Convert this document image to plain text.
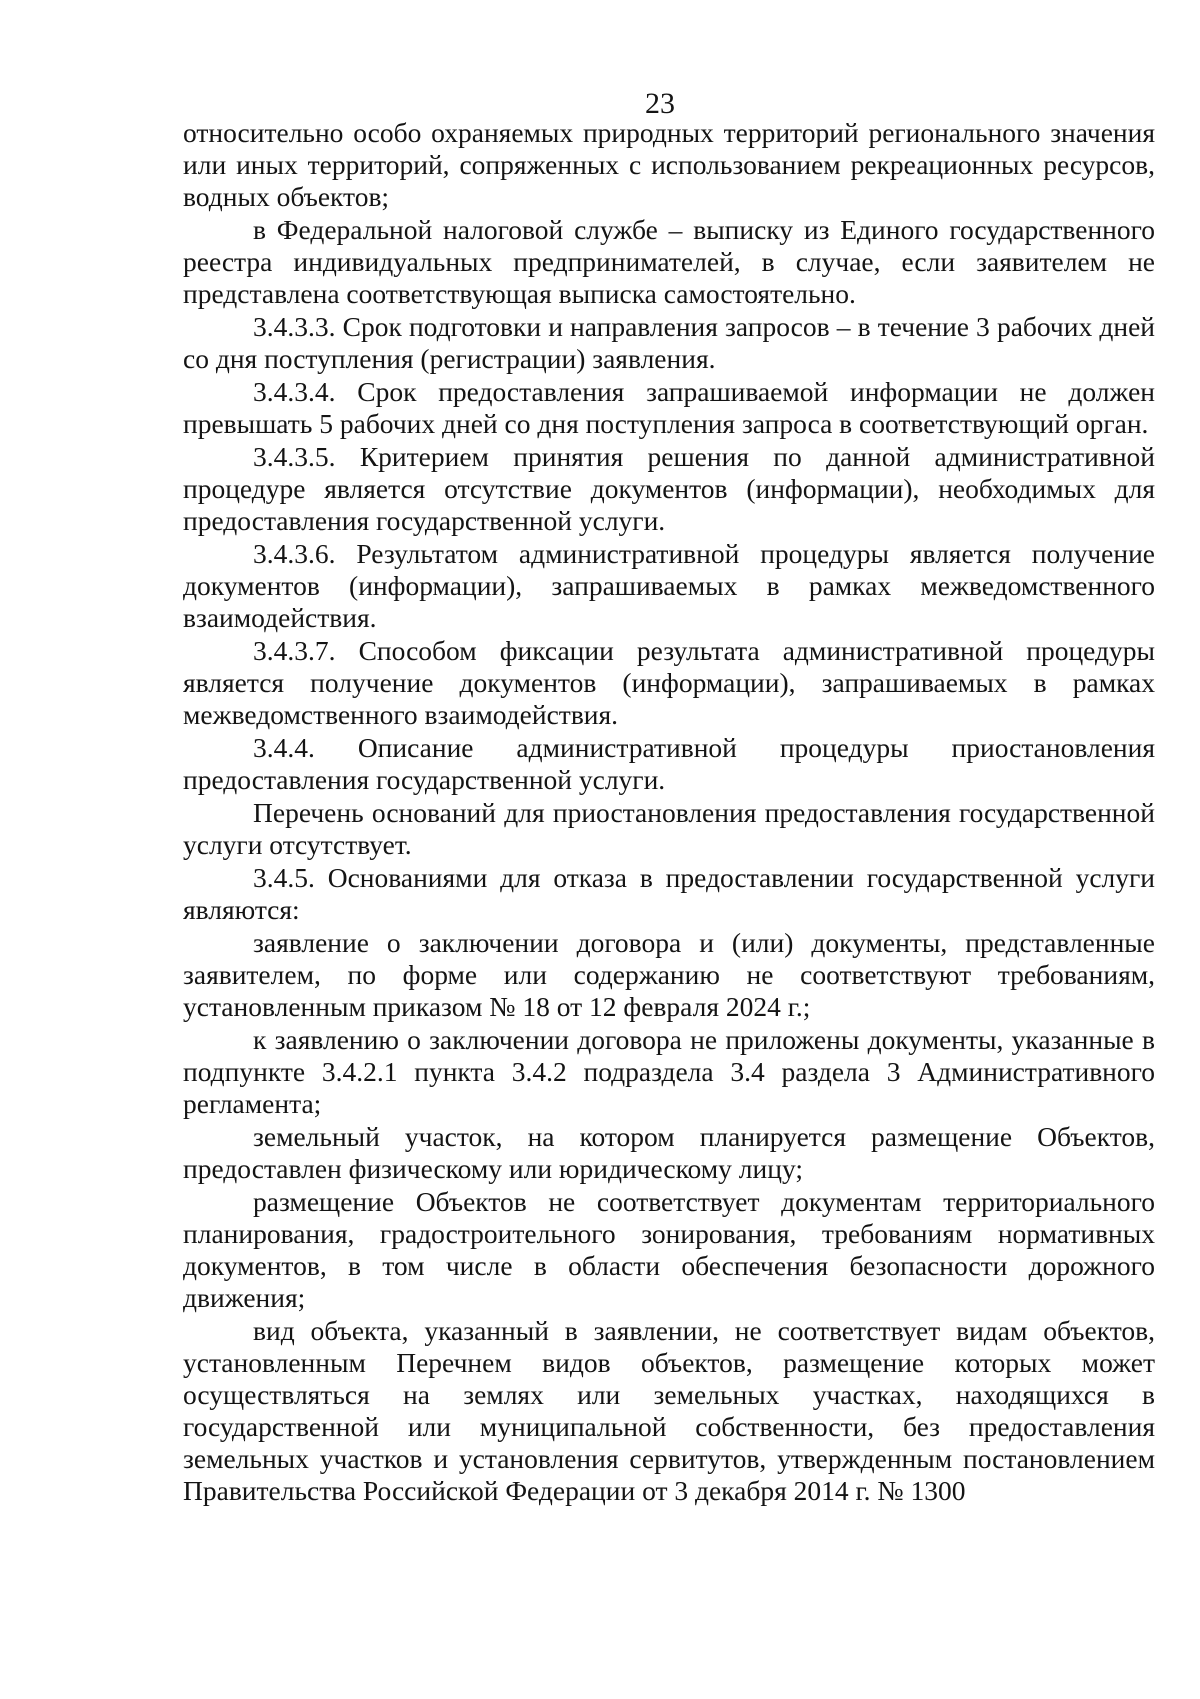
23

относительно особо охраняемых природных территорий регионального значения или иных территорий, сопряженных с использованием рекреационных ресурсов, водных объектов;

в Федеральной налоговой службе – выписку из Единого государственного реестра индивидуальных предпринимателей, в случае, если заявителем не представлена соответствующая выписка самостоятельно.

3.4.3.3. Срок подготовки и направления запросов – в течение 3 рабочих дней со дня поступления (регистрации) заявления.

3.4.3.4. Срок предоставления запрашиваемой информации не должен превышать 5 рабочих дней со дня поступления запроса в соответствующий орган.

3.4.3.5. Критерием принятия решения по данной административной процедуре является отсутствие документов (информации), необходимых для предоставления государственной услуги.

3.4.3.6. Результатом административной процедуры является получение документов (информации), запрашиваемых в рамках межведомственного взаимодействия.

3.4.3.7. Способом фиксации результата административной процедуры является получение документов (информации), запрашиваемых в рамках межведомственного взаимодействия.

3.4.4. Описание административной процедуры приостановления предоставления государственной услуги.

Перечень оснований для приостановления предоставления государственной услуги отсутствует.

3.4.5. Основаниями для отказа в предоставлении государственной услуги являются:

заявление о заключении договора и (или) документы, представленные заявителем, по форме или содержанию не соответствуют требованиям, установленным приказом № 18 от 12 февраля 2024 г.;

к заявлению о заключении договора не приложены документы, указанные в подпункте 3.4.2.1 пункта 3.4.2 подраздела 3.4 раздела 3 Административного регламента;

земельный участок, на котором планируется размещение Объектов, предоставлен физическому или юридическому лицу;

размещение Объектов не соответствует документам территориального планирования, градостроительного зонирования, требованиям нормативных документов, в том числе в области обеспечения безопасности дорожного движения;

вид объекта, указанный в заявлении, не соответствует видам объектов, установленным Перечнем видов объектов, размещение которых может осуществляться на землях или земельных участках, находящихся в государственной или муниципальной собственности, без предоставления земельных участков и установления сервитутов, утвержденным постановлением Правительства Российской Федерации от 3 декабря 2014 г. № 1300
